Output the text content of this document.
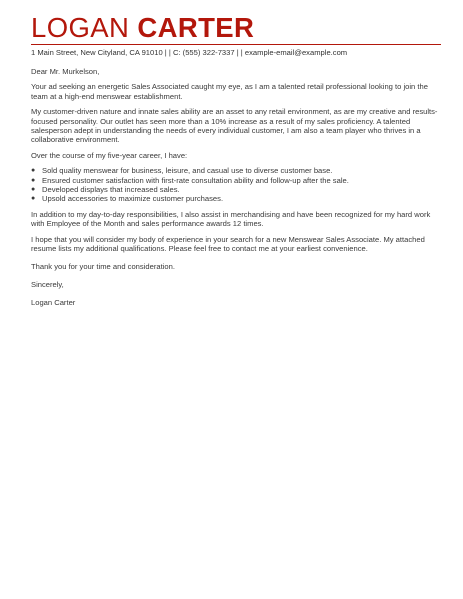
LOGAN CARTER
1 Main Street, New Cityland, CA 91010 | | C: (555) 322-7337 | | example-email@example.com

Dear Mr. Murkelson,

Your ad seeking an energetic Sales Associated caught my eye, as I am a talented retail professional looking to join the team at a high-end menswear establishment.

My customer-driven nature and innate sales ability are an asset to any retail environment, as are my creative and results-focused personality. Our outlet has seen more than a 10% increase as a result of my sales proficiency. A talented salesperson adept in understanding the needs of every individual customer, I am also a team player who thrives in a collaborative environment.

Over the course of my five-year career, I have:

● Sold quality menswear for business, leisure, and casual use to diverse customer base.
● Ensured customer satisfaction with first-rate consultation ability and follow-up after the sale.
● Developed displays that increased sales.
● Upsold accessories to maximize customer purchases.

In addition to my day-to-day responsibilities, I also assist in merchandising and have been recognized for my hard work with Employee of the Month and sales performance awards 12 times.

I hope that you will consider my body of experience in your search for a new Menswear Sales Associate. My attached resume lists my additional qualifications. Please feel free to contact me at your earliest convenience.

Thank you for your time and consideration.

Sincerely,

Logan Carter
